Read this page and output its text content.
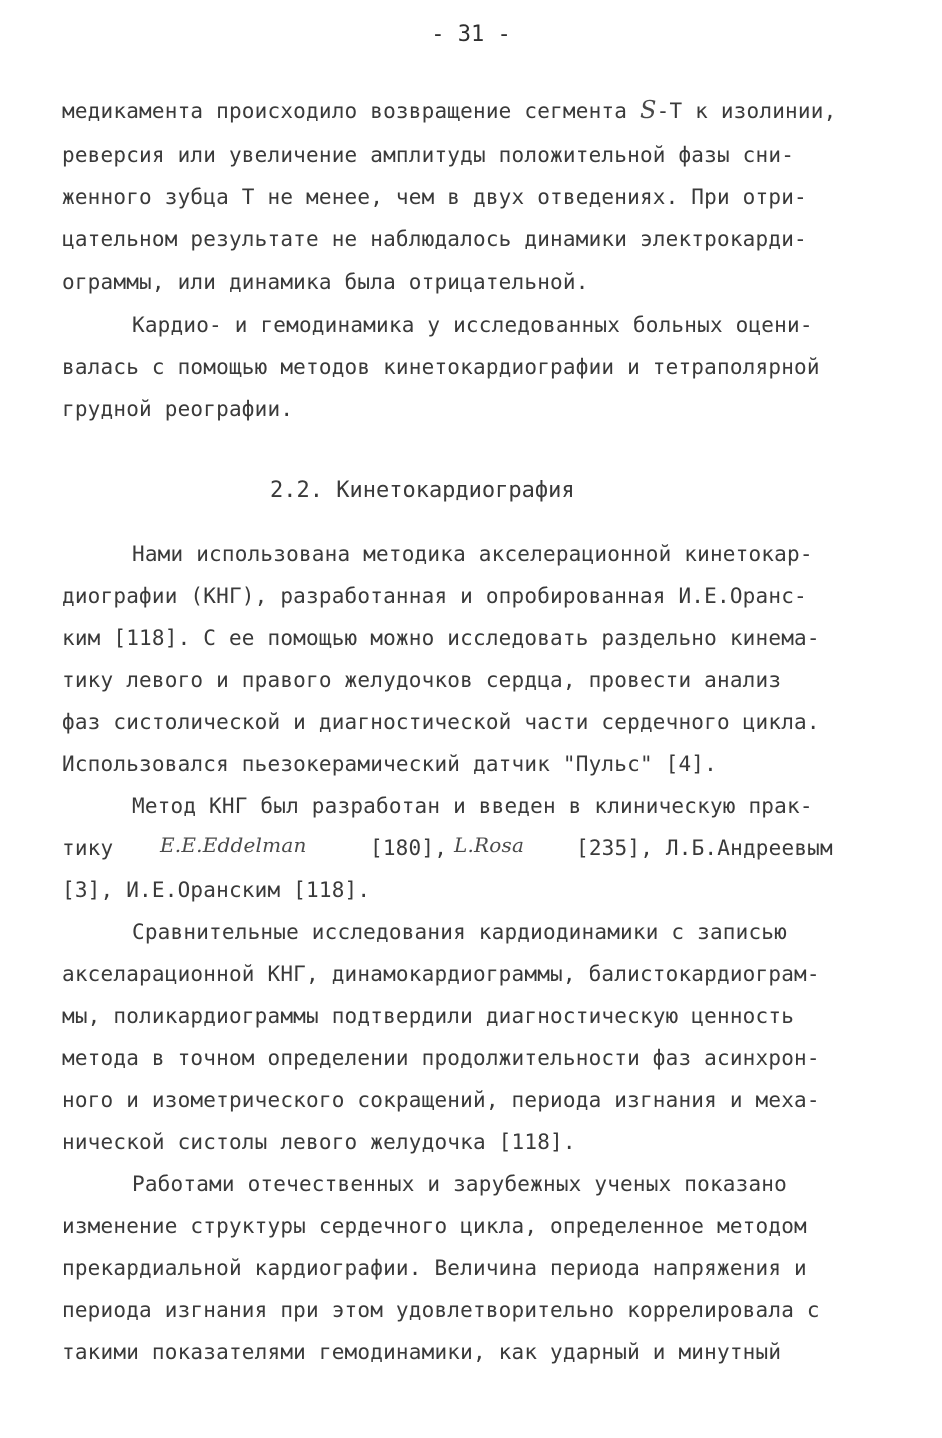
- 31 -
медикамента происходило возвращение сегмента S-Т к изолинии,
реверсия или увеличение амплитуды положительной фазы сни-
женного зубца Т не менее, чем в двух отведениях. При отри-
цательном результате не наблюдалось динамики электрокарди-
ограммы, или динамика была отрицательной.
Кардио- и гемодинамика у исследованных больных оцени-
валась с помощью методов кинетокардиографии и тетраполярной
грудной реографии.
2.2. Кинетокардиография
Нами использована методика акселерационной кинетокар-
диографии (КНГ), разработанная и опробированная И.Е.Оранс-
ким [118]. С ее помощью можно исследовать раздельно кинема-
тику левого и правого желудочков сердца, провести анализ
фаз систолической и диагностической части сердечного цикла.
Использовался пьезокерамический датчик "Пульс" [4].
Метод КНГ был разработан и введен в клиническую прак-
тику E.E.Eddelman	[180], L.Rosa [235], Л.Б.Андреевым
[3], И.Е.Оранским [118].
Сравнительные исследования кардиодинамики с записью
акселарационной КНГ, динамокардиограммы, балистокардиограм-
мы, поликардиограммы подтвердили диагностическую ценность
метода в точном определении продолжительности фаз асинхрон-
ного и изометрического сокращений, периода изгнания и меха-
нической систолы левого желудочка [118].
Работами отечественных и зарубежных ученых показано
изменение структуры сердечного цикла, определенное методом
прекардиальной кардиографии. Величина периода напряжения и
периода изгнания при этом удовлетворительно коррелировала с
такими показателями гемодинамики, как ударный и минутный
